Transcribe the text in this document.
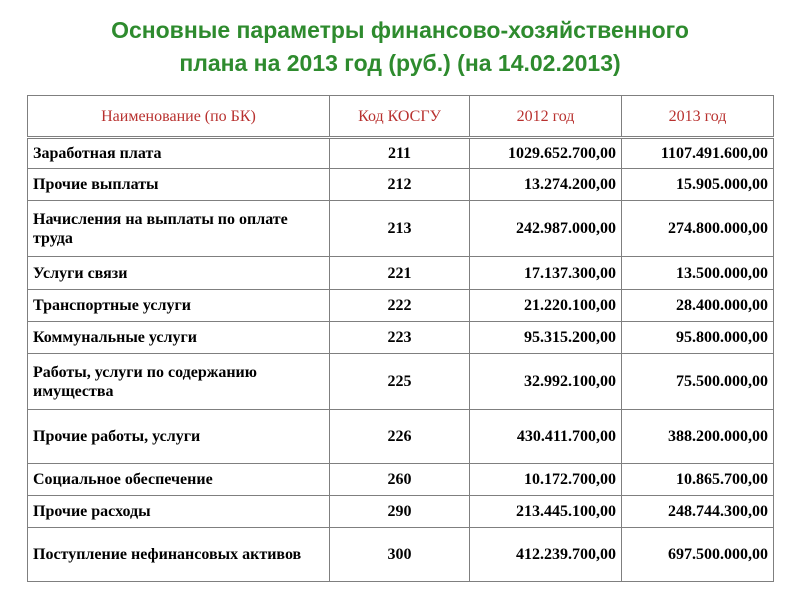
Основные параметры финансово-хозяйственного
плана на 2013 год (руб.) (на 14.02.2013)
Наименование (по БК)	Код КОСГУ	2012 год	2013 год
Заработная плата	211	1029.652.700,00	1107.491.600,00
Прочие выплаты	212	13.274.200,00	15.905.000,00
Начисления на выплаты по оплате труда	213	242.987.000,00	274.800.000,00
Услуги связи	221	17.137.300,00	13.500.000,00
Транспортные услуги	222	21.220.100,00	28.400.000,00
Коммунальные услуги	223	95.315.200,00	95.800.000,00
Работы, услуги по содержанию имущества	225	32.992.100,00	75.500.000,00
Прочие работы, услуги	226	430.411.700,00	388.200.000,00
Социальное обеспечение	260	10.172.700,00	10.865.700,00
Прочие расходы	290	213.445.100,00	248.744.300,00
Поступление нефинансовых активов	300	412.239.700,00	697.500.000,00
